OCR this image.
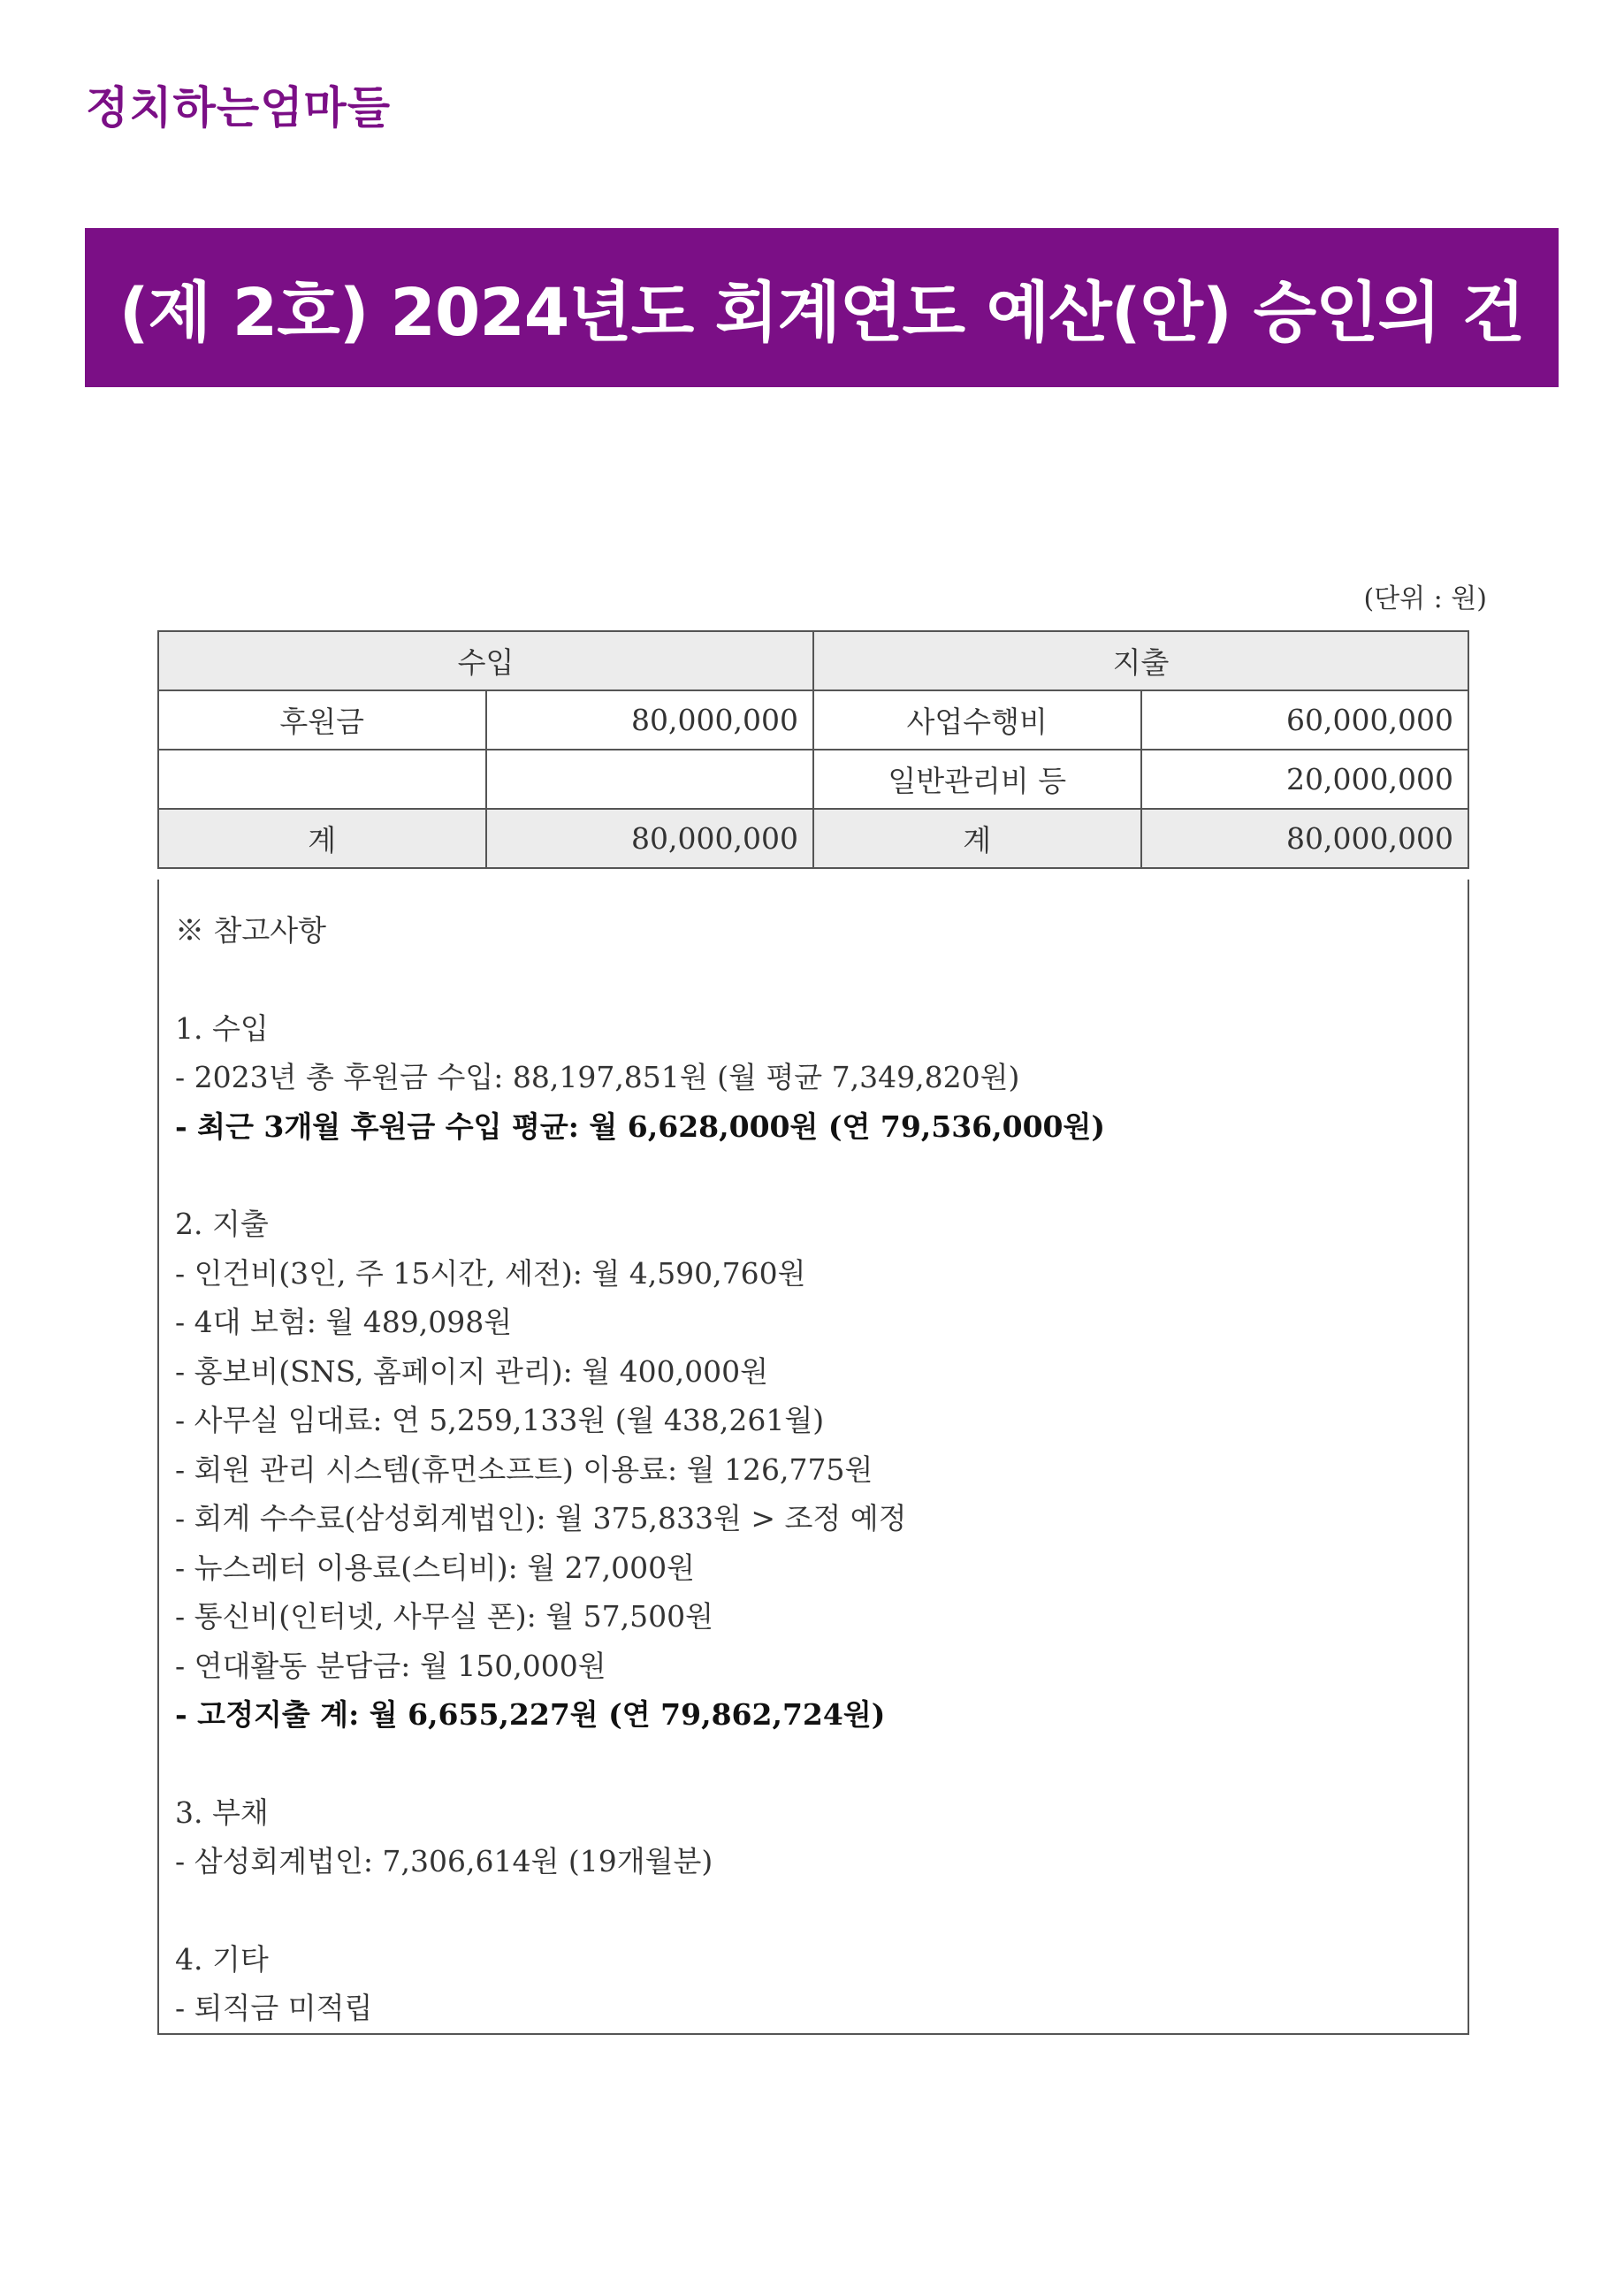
정치하는엄마들
(제 2호) 2024년도 회계연도 예산(안) 승인의 건
(단위 : 원)
수입		지출	
후원금	80,000,000	사업수행비	60,000,000
		일반관리비 등	20,000,000
계	80,000,000	계	80,000,000
※ 참고사항
1. 수입
- 2023년 총 후원금 수입: 88,197,851원 (월 평균 7,349,820원)
- 최근 3개월 후원금 수입 평균: 월 6,628,000원 (연 79,536,000원)
2. 지출
- 인건비(3인, 주 15시간, 세전): 월 4,590,760원
- 4대 보험: 월 489,098원
- 홍보비(SNS, 홈페이지 관리): 월 400,000원
- 사무실 임대료: 연 5,259,133원 (월 438,261월)
- 회원 관리 시스템(휴먼소프트) 이용료: 월 126,775원
- 회계 수수료(삼성회계법인): 월 375,833원 > 조정 예정
- 뉴스레터 이용료(스티비): 월 27,000원
- 통신비(인터넷, 사무실 폰): 월 57,500원
- 연대활동 분담금: 월 150,000원
- 고정지출 계: 월 6,655,227원 (연 79,862,724원)
3. 부채
- 삼성회계법인: 7,306,614원 (19개월분)
4. 기타
- 퇴직금 미적립
